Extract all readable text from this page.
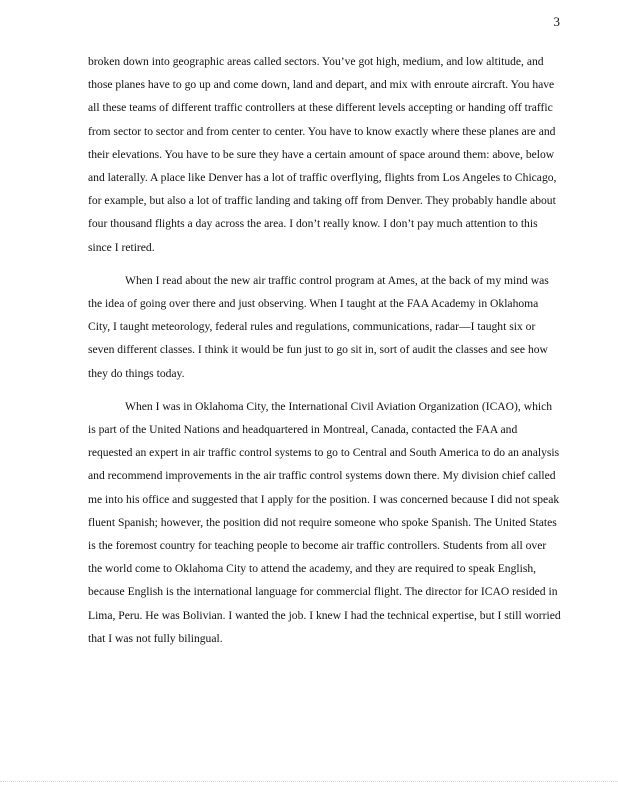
3

broken down into geographic areas called sectors. You’ve got high, medium, and low altitude, and
those planes have to go up and come down, land and depart, and mix with enroute aircraft. You have
all these teams of different traffic controllers at these different levels accepting or handing off traffic
from sector to sector and from center to center. You have to know exactly where these planes are and
their elevations. You have to be sure they have a certain amount of space around them: above, below
and laterally. A place like Denver has a lot of traffic overflying, flights from Los Angeles to Chicago,
for example, but also a lot of traffic landing and taking off from Denver. They probably handle about
four thousand flights a day across the area. I don’t really know. I don’t pay much attention to this
since I retired.

When I read about the new air traffic control program at Ames, at the back of my mind was
the idea of going over there and just observing. When I taught at the FAA Academy in Oklahoma
City, I taught meteorology, federal rules and regulations, communications, radar—I taught six or
seven different classes. I think it would be fun just to go sit in, sort of audit the classes and see how
they do things today.

When I was in Oklahoma City, the International Civil Aviation Organization (ICAO), which
is part of the United Nations and headquartered in Montreal, Canada, contacted the FAA and
requested an expert in air traffic control systems to go to Central and South America to do an analysis
and recommend improvements in the air traffic control systems down there. My division chief called
me into his office and suggested that I apply for the position. I was concerned because I did not speak
fluent Spanish; however, the position did not require someone who spoke Spanish. The United States
is the foremost country for teaching people to become air traffic controllers. Students from all over
the world come to Oklahoma City to attend the academy, and they are required to speak English,
because English is the international language for commercial flight. The director for ICAO resided in
Lima, Peru. He was Bolivian. I wanted the job. I knew I had the technical expertise, but I still worried
that I was not fully bilingual.
